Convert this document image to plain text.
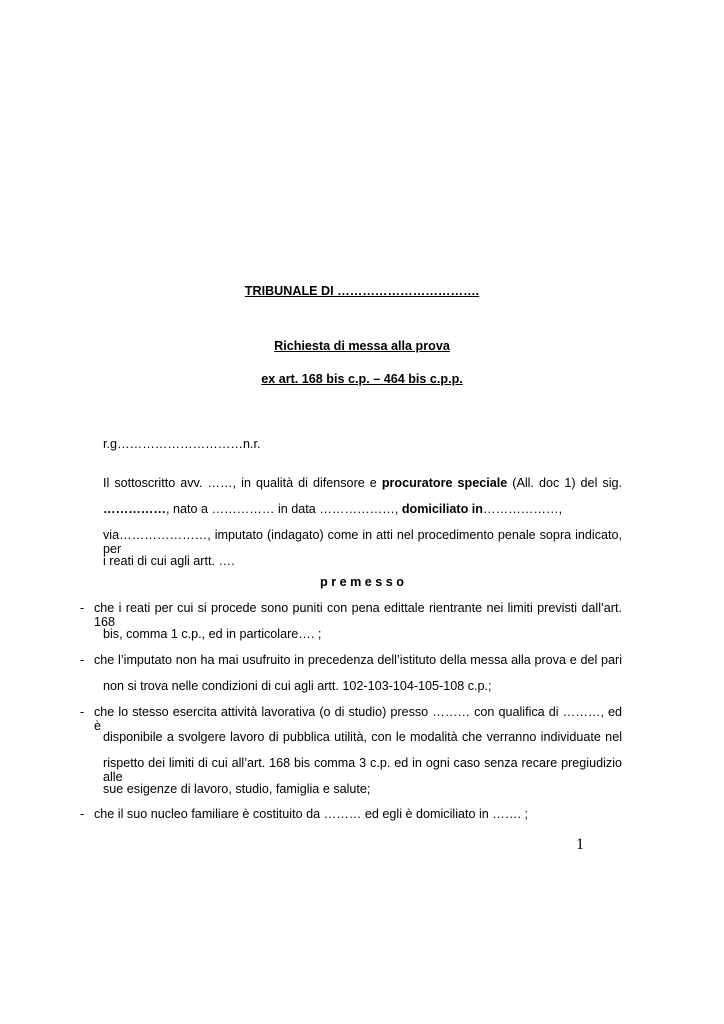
TRIBUNALE DI …………………………….
Richiesta di messa alla prova
ex art. 168 bis c.p. – 464 bis c.p.p.
r.g…………………………n.r.
Il sottoscritto avv. ……, in qualità di difensore e procuratore speciale (All. doc 1) del sig.
……………, nato a …………… in data ………………, domiciliato in………………,
via…………………, imputato (indagato) come in atti nel procedimento penale sopra indicato, per
i reati di cui agli artt. ….
p r e m e s s o
- che i reati per cui si procede sono puniti con pena edittale rientrante nei limiti previsti dall’art. 168
bis, comma 1 c.p., ed in particolare…. ;
- che l’imputato non ha mai usufruito in precedenza dell’istituto della messa alla prova e del pari
non si trova nelle condizioni di cui agli artt. 102-103-104-105-108 c.p.;
- che lo stesso esercita attività lavorativa (o di studio) presso ……… con qualifica di ………, ed è
disponibile a svolgere lavoro di pubblica utilità, con le modalità che verranno individuate nel
rispetto dei limiti di cui all’art. 168 bis comma 3 c.p. ed in ogni caso senza recare pregiudizio alle
sue esigenze di lavoro, studio, famiglia e salute;
- che il suo nucleo familiare è costituito da ……… ed egli è domiciliato in ……. ;
1
